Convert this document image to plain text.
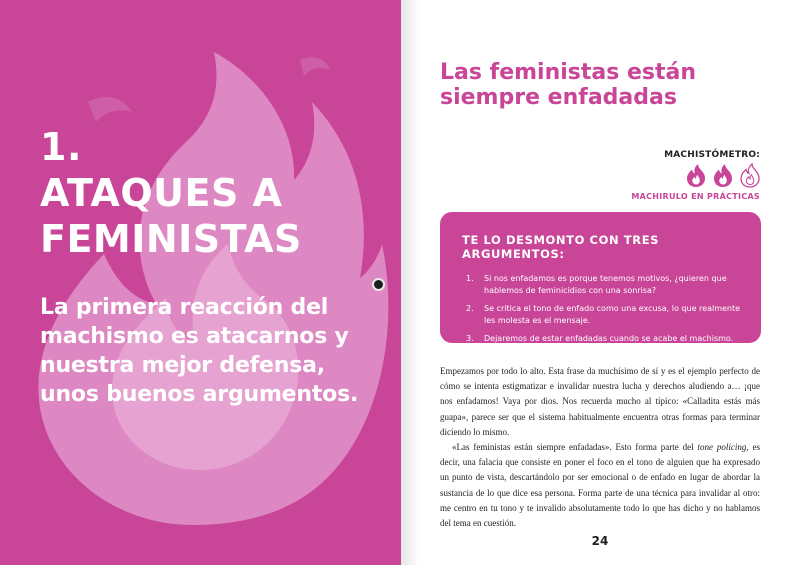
1.
ATAQUES A
FEMINISTAS

La primera reacción del machismo es atacarnos y nuestra mejor defensa, unos buenos argumentos.

Las feministas están
siempre enfadadas
MACHISTÓMETRO:

MACHIRULO EN PRÁCTICAS
TE LO DESMONTO CON TRES ARGUMENTOS:
1. Si nos enfadamos es porque tenemos motivos, ¿quieren que hablemos de feminicidios con una sonrisa?
2. Se critica el tono de enfado como una excusa, lo que realmente les molesta es el mensaje.
3. Dejaremos de estar enfadadas cuando se acabe el machismo.

Empezamos por todo lo alto. Esta frase da muchísimo de sí y es el ejemplo perfecto de cómo se intenta estigmatizar e invalidar nuestra lucha y derechos aludiendo a… ¡que nos enfadamos! Vaya por dios. Nos recuerda mucho al típico: «Calladita estás más guapa», parece ser que el sistema habitualmente encuentra otras formas para terminar diciendo lo mismo.

«Las feministas están siempre enfadadas». Esto forma parte del tone policing, es decir, una falacia que consiste en poner el foco en el tono de alguien que ha expresado un punto de vista, descartándolo por ser emocional o de enfado en lugar de abordar la sustancia de lo que dice esa persona. Forma parte de una técnica para invalidar al otro: me centro en tu tono y te invalido absolutamente todo lo que has dicho y no hablamos del tema en cuestión.

24
